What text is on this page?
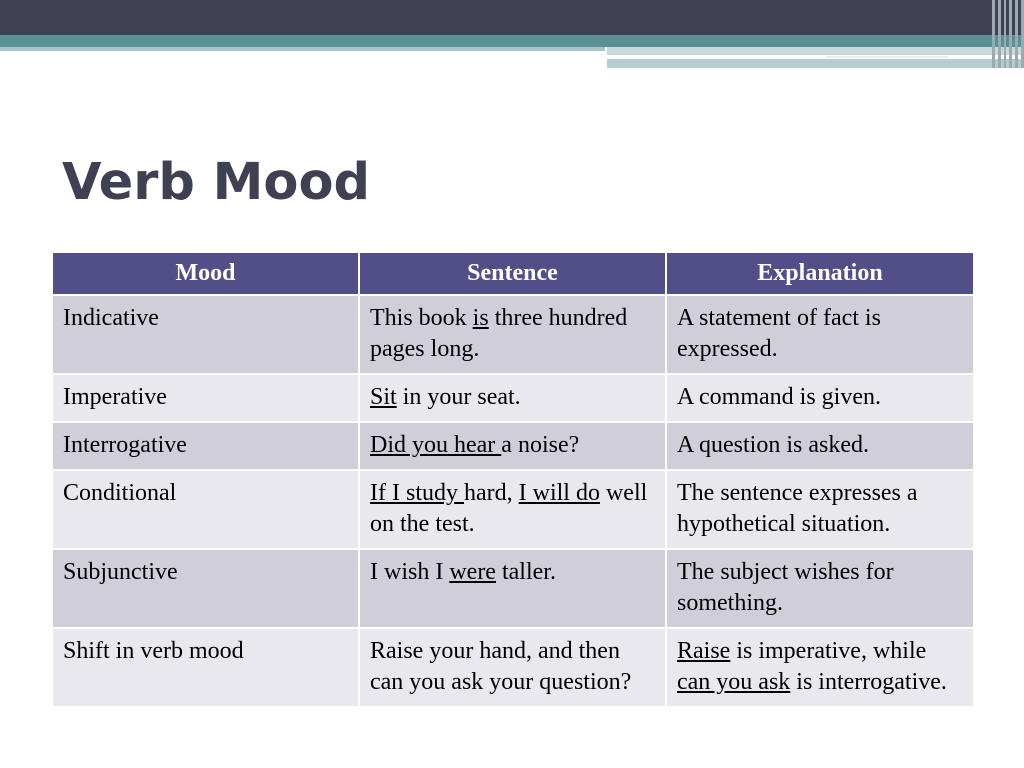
Verb Mood
Mood	Sentence	Explanation
Indicative	This book is three hundred pages long.	A statement of fact is expressed.
Imperative	Sit in your seat.	A command is given.
Interrogative	Did you hear a noise?	A question is asked.
Conditional	If I study hard, I will do well on the test.	The sentence expresses a hypothetical situation.
Subjunctive	I wish I were taller.	The subject wishes for something.
Shift in verb mood	Raise your hand, and then can you ask your question?	Raise is imperative, while can you ask is interrogative.
